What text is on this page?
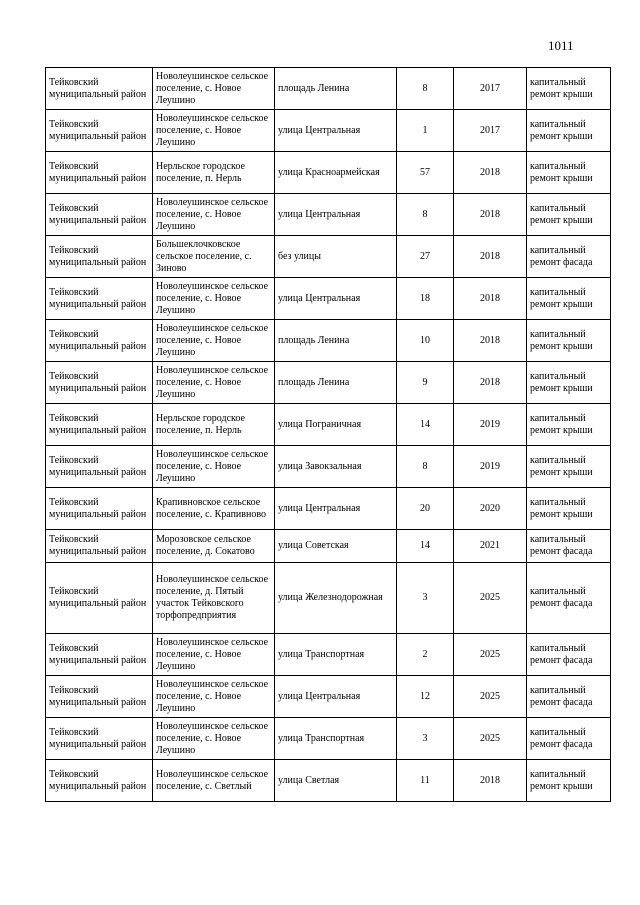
1011
Тейковский муниципальный район	Новолеушинское сельское поселение, с. Новое Леушино	площадь Ленина	8	2017	капитальный ремонт крыши
Тейковский муниципальный район	Новолеушинское сельское поселение, с. Новое Леушино	улица Центральная	1	2017	капитальный ремонт крыши
Тейковский муниципальный район	Нерльское городское поселение, п. Нерль	улица Красноармейская	57	2018	капитальный ремонт крыши
Тейковский муниципальный район	Новолеушинское сельское поселение, с. Новое Леушино	улица Центральная	8	2018	капитальный ремонт крыши
Тейковский муниципальный район	Большеклочковское сельское поселение, с. Зиново	без улицы	27	2018	капитальный ремонт фасада
Тейковский муниципальный район	Новолеушинское сельское поселение, с. Новое Леушино	улица Центральная	18	2018	капитальный ремонт крыши
Тейковский муниципальный район	Новолеушинское сельское поселение, с. Новое Леушино	площадь Ленина	10	2018	капитальный ремонт крыши
Тейковский муниципальный район	Новолеушинское сельское поселение, с. Новое Леушино	площадь Ленина	9	2018	капитальный ремонт крыши
Тейковский муниципальный район	Нерльское городское поселение, п. Нерль	улица Пограничная	14	2019	капитальный ремонт крыши
Тейковский муниципальный район	Новолеушинское сельское поселение, с. Новое Леушино	улица Завокзальная	8	2019	капитальный ремонт крыши
Тейковский муниципальный район	Крапивновское сельское поселение, с. Крапивново	улица Центральная	20	2020	капитальный ремонт крыши
Тейковский муниципальный район	Морозовское сельское поселение, д. Сокатово	улица Советская	14	2021	капитальный ремонт фасада
Тейковский муниципальный район	Новолеушинское сельское поселение, д. Пятый участок Тейковского торфопредприятия	улица Железнодорожная	3	2025	капитальный ремонт фасада
Тейковский муниципальный район	Новолеушинское сельское поселение, с. Новое Леушино	улица Транспортная	2	2025	капитальный ремонт фасада
Тейковский муниципальный район	Новолеушинское сельское поселение, с. Новое Леушино	улица Центральная	12	2025	капитальный ремонт фасада
Тейковский муниципальный район	Новолеушинское сельское поселение, с. Новое Леушино	улица Транспортная	3	2025	капитальный ремонт фасада
Тейковский муниципальный район	Новолеушинское сельское поселение, с. Светлый	улица Светлая	11	2018	капитальный ремонт крыши
